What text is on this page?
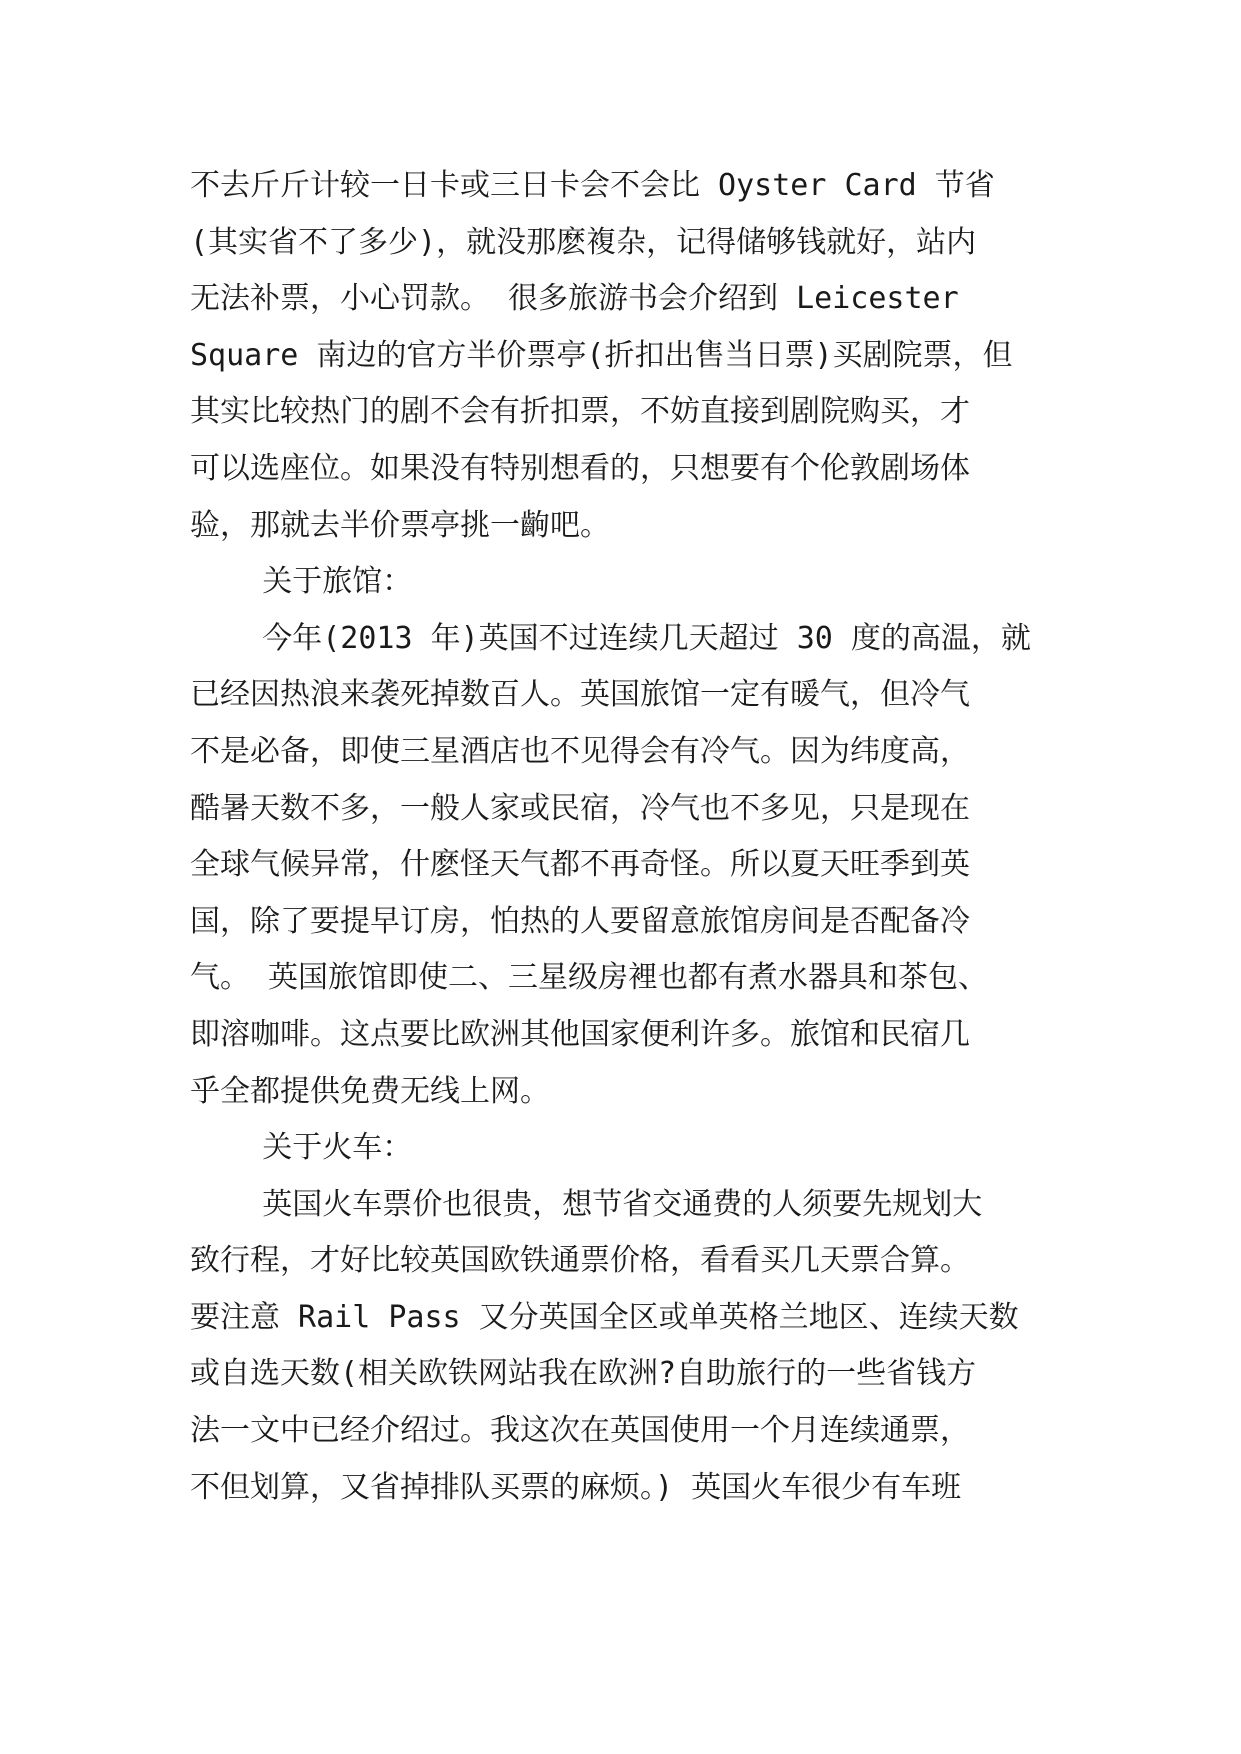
不去斤斤计较一日卡或三日卡会不会比 Oyster Card 节省
(其实省不了多少)，就没那麽複杂，记得储够钱就好，站内
无法补票，小心罚款。 很多旅游书会介绍到 Leicester
Square 南边的官方半价票亭(折扣出售当日票)买剧院票，但
其实比较热门的剧不会有折扣票，不妨直接到剧院购买，才
可以选座位。如果没有特别想看的，只想要有个伦敦剧场体
验，那就去半价票亭挑一齣吧。
关于旅馆：
今年(2013 年)英国不过连续几天超过 30 度的高温，就
已经因热浪来袭死掉数百人。英国旅馆一定有暖气，但冷气
不是必备，即使三星酒店也不见得会有冷气。因为纬度高，
酷暑天数不多，一般人家或民宿，冷气也不多见，只是现在
全球气候异常，什麽怪天气都不再奇怪。所以夏天旺季到英
国，除了要提早订房，怕热的人要留意旅馆房间是否配备冷
气。 英国旅馆即使二、三星级房裡也都有煮水器具和茶包、
即溶咖啡。这点要比欧洲其他国家便利许多。旅馆和民宿几
乎全都提供免费无线上网。
关于火车：
英国火车票价也很贵，想节省交通费的人须要先规划大
致行程，才好比较英国欧铁通票价格，看看买几天票合算。
要注意 Rail Pass 又分英国全区或单英格兰地区、连续天数
或自选天数(相关欧铁网站我在欧洲?自助旅行的一些省钱方
法一文中已经介绍过。我这次在英国使用一个月连续通票，
不但划算，又省掉排队买票的麻烦。) 英国火车很少有车班
